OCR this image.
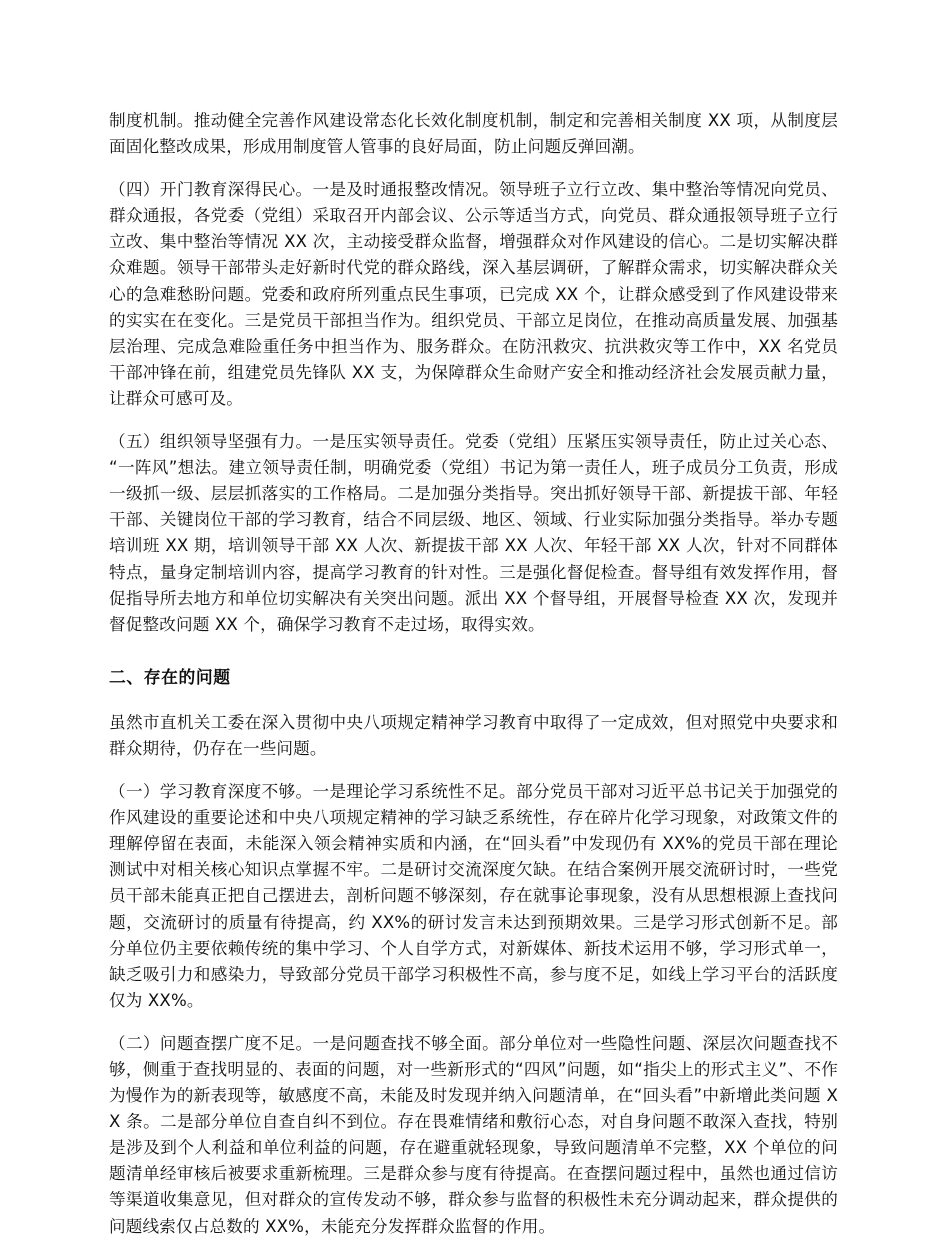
制度机制。推动健全完善作风建设常态化长效化制度机制，制定和完善相关制度 XX 项，从制度层面固化整改成果，形成用制度管人管事的良好局面，防止问题反弹回潮。

（四）开门教育深得民心。一是及时通报整改情况。领导班子立行立改、集中整治等情况向党员、群众通报，各党委（党组）采取召开内部会议、公示等适当方式，向党员、群众通报领导班子立行立改、集中整治等情况 XX 次，主动接受群众监督，增强群众对作风建设的信心。二是切实解决群众难题。领导干部带头走好新时代党的群众路线，深入基层调研，了解群众需求，切实解决群众关心的急难愁盼问题。党委和政府所列重点民生事项，已完成 XX 个，让群众感受到了作风建设带来的实实在在变化。三是党员干部担当作为。组织党员、干部立足岗位，在推动高质量发展、加强基层治理、完成急难险重任务中担当作为、服务群众。在防汛救灾、抗洪救灾等工作中，XX 名党员干部冲锋在前，组建党员先锋队 XX 支，为保障群众生命财产安全和推动经济社会发展贡献力量，让群众可感可及。

（五）组织领导坚强有力。一是压实领导责任。党委（党组）压紧压实领导责任，防止过关心态、“一阵风”想法。建立领导责任制，明确党委（党组）书记为第一责任人，班子成员分工负责，形成一级抓一级、层层抓落实的工作格局。二是加强分类指导。突出抓好领导干部、新提拔干部、年轻干部、关键岗位干部的学习教育，结合不同层级、地区、领域、行业实际加强分类指导。举办专题培训班 XX 期，培训领导干部 XX 人次、新提拔干部 XX 人次、年轻干部 XX 人次，针对不同群体特点，量身定制培训内容，提高学习教育的针对性。三是强化督促检查。督导组有效发挥作用，督促指导所去地方和单位切实解决有关突出问题。派出 XX 个督导组，开展督导检查 XX 次，发现并督促整改问题 XX 个，确保学习教育不走过场，取得实效。

二、存在的问题

虽然市直机关工委在深入贯彻中央八项规定精神学习教育中取得了一定成效，但对照党中央要求和群众期待，仍存在一些问题。

（一）学习教育深度不够。一是理论学习系统性不足。部分党员干部对习近平总书记关于加强党的作风建设的重要论述和中央八项规定精神的学习缺乏系统性，存在碎片化学习现象，对政策文件的理解停留在表面，未能深入领会精神实质和内涵，在“回头看”中发现仍有 XX%的党员干部在理论测试中对相关核心知识点掌握不牢。二是研讨交流深度欠缺。在结合案例开展交流研讨时，一些党员干部未能真正把自己摆进去，剖析问题不够深刻，存在就事论事现象，没有从思想根源上查找问题，交流研讨的质量有待提高，约 XX%的研讨发言未达到预期效果。三是学习形式创新不足。部分单位仍主要依赖传统的集中学习、个人自学方式，对新媒体、新技术运用不够，学习形式单一，缺乏吸引力和感染力，导致部分党员干部学习积极性不高，参与度不足，如线上学习平台的活跃度仅为 XX%。

（二）问题查摆广度不足。一是问题查找不够全面。部分单位对一些隐性问题、深层次问题查找不够，侧重于查找明显的、表面的问题，对一些新形式的“四风”问题，如“指尖上的形式主义”、不作为慢作为的新表现等，敏感度不高，未能及时发现并纳入问题清单，在“回头看”中新增此类问题 XX 条。二是部分单位自查自纠不到位。存在畏难情绪和敷衍心态，对自身问题不敢深入查找，特别是涉及到个人利益和单位利益的问题，存在避重就轻现象，导致问题清单不完整，XX 个单位的问题清单经审核后被要求重新梳理。三是群众参与度有待提高。在查摆问题过程中，虽然也通过信访等渠道收集意见，但对群众的宣传发动不够，群众参与监督的积极性未充分调动起来，群众提供的问题线索仅占总数的 XX%，未能充分发挥群众监督的作用。
